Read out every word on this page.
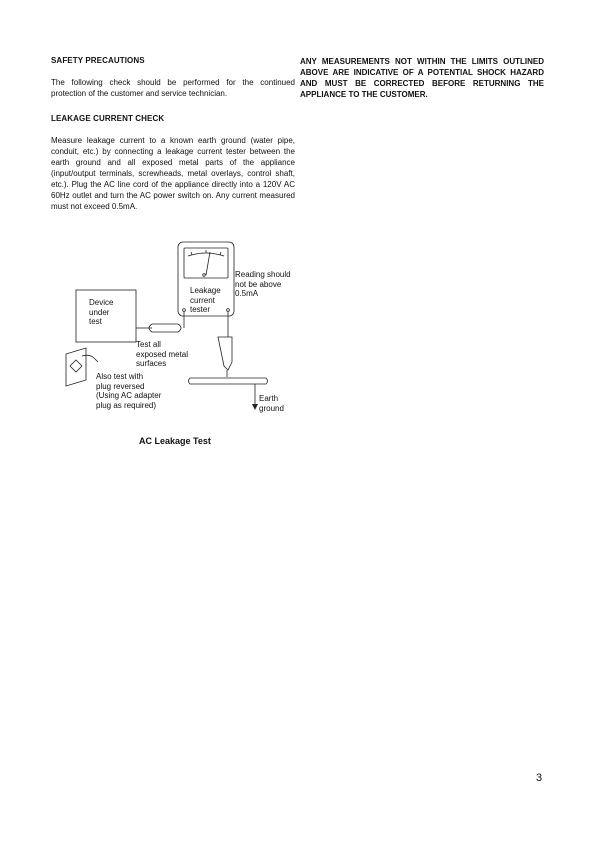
SAFETY PRECAUTIONS

The following check should be performed for the continued protection of the customer and service technician.

LEAKAGE CURRENT CHECK

Measure leakage current to a known earth ground (water pipe, conduit, etc.) by connecting a leakage current tester between the earth ground and all exposed metal parts of the appliance (input/output terminals, screwheads, metal overlays, control shaft, etc.). Plug the AC line cord of the appliance directly into a 120V AC 60Hz outlet and turn the AC power switch on. Any current measured must not exceed 0.5mA.

ANY MEASUREMENTS NOT WITHIN THE LIMITS OUTLINED ABOVE ARE INDICATIVE OF A POTENTIAL SHOCK HAZARD AND MUST BE CORRECTED BEFORE RETURNING THE APPLIANCE TO THE CUSTOMER.

Device
under
test
Leakage
current
tester
Reading should
not be above
0.5mA
Test all
exposed metal
surfaces
Also test with
plug reversed
(Using AC adapter
plug as required)
Earth
ground
AC Leakage Test
3
